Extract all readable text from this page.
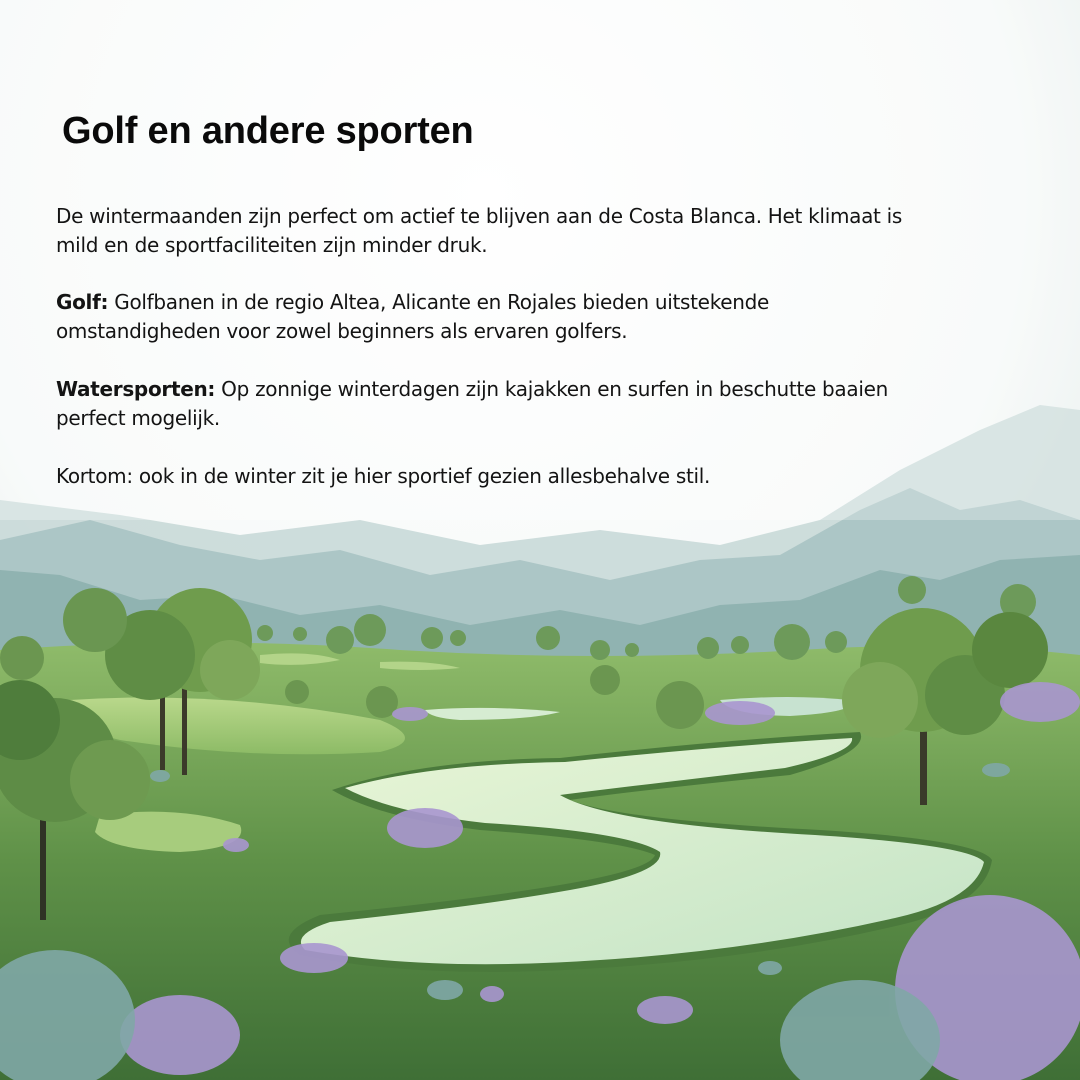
Golf en andere sporten

De wintermaanden zijn perfect om actief te blijven aan de Costa Blanca. Het klimaat is mild en de sportfaciliteiten zijn minder druk.

Golf: Golfbanen in de regio Altea, Alicante en Rojales bieden uitstekende omstandigheden voor zowel beginners als ervaren golfers.

Watersporten: Op zonnige winterdagen zijn kajakken en surfen in beschutte baaien perfect mogelijk.

Kortom: ook in de winter zit je hier sportief gezien allesbehalve stil.
